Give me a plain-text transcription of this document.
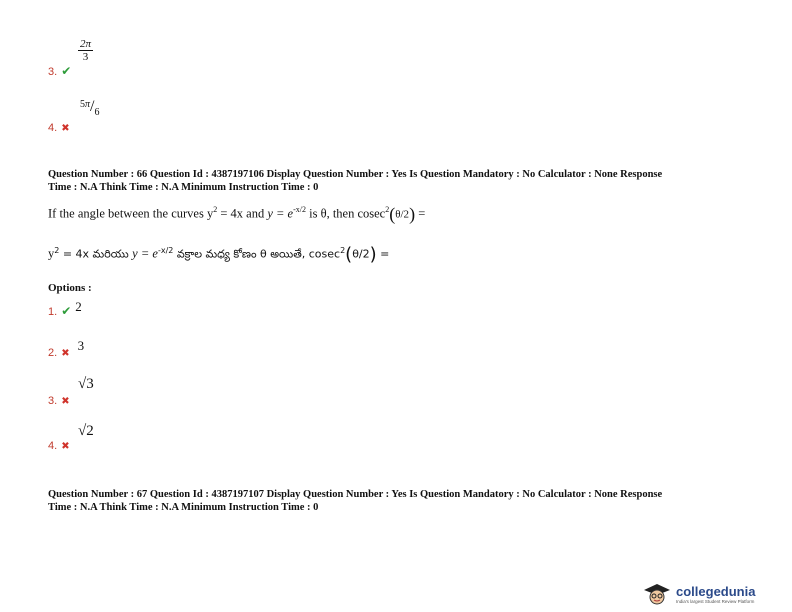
3. ✔
$\frac{2\pi}{3}$
4. ✖
$^{5\pi}/_6$
Question Number : 66 Question Id : 4387197106 Display Question Number : Yes Is Question Mandatory : No Calculator : None Response
Time : N.A Think Time : N.A Minimum Instruction Time : 0
If the angle between the curves $y^2 = 4x$ and $y = e^{-x/2}$ is θ, then cosec$^2$(θ/2) =
$y^2 = 4x$ మరియు $y = e^{-x/2}$ వక్రాల మధ్య కోణం θ అయితే, cosec$^2$(θ/2) =
Options :
1. ✔ $^2$
2. ✖ $^3$
3. ✖
√3
4. ✖
√2
Question Number : 67 Question Id : 4387197107 Display Question Number : Yes Is Question Mandatory : No Calculator : None Response
Time : N.A Think Time : N.A Minimum Instruction Time : 0
collegedunia
India's largest Student Review Platform
